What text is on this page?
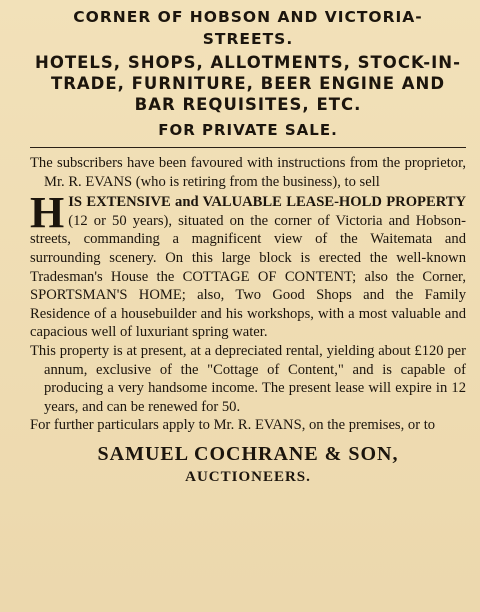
CORNER OF HOBSON AND VICTORIA-
STREETS.
HOTELS, SHOPS, ALLOTMENTS, STOCK-IN-TRADE, FURNITURE, BEER ENGINE AND BAR REQUISITES, ETC.
FOR PRIVATE SALE.
The subscribers have been favoured with instructions from the proprietor, Mr. R. EVANS (who is retiring from the business), to sell
HIS EXTENSIVE and VALUABLE LEASE-HOLD PROPERTY (12 or 50 years), situated on the corner of Victoria and Hobson-streets, commanding a magnificent view of the Waitemata and surrounding scenery. On this large block is erected the well-known Tradesman's House the COTTAGE OF CONTENT; also the Corner, SPORTSMAN'S HOME; also, Two Good Shops and the Family Residence of a housebuilder and his workshops, with a most valuable and capacious well of luxuriant spring water.
This property is at present, at a depreciated rental, yielding about £120 per annum, exclusive of the "Cottage of Content," and is capable of producing a very handsome income. The present lease will expire in 12 years, and can be renewed for 50.
For further particulars apply to Mr. R. EVANS, on the premises, or to
SAMUEL COCHRANE & SON,
AUCTIONEERS.
